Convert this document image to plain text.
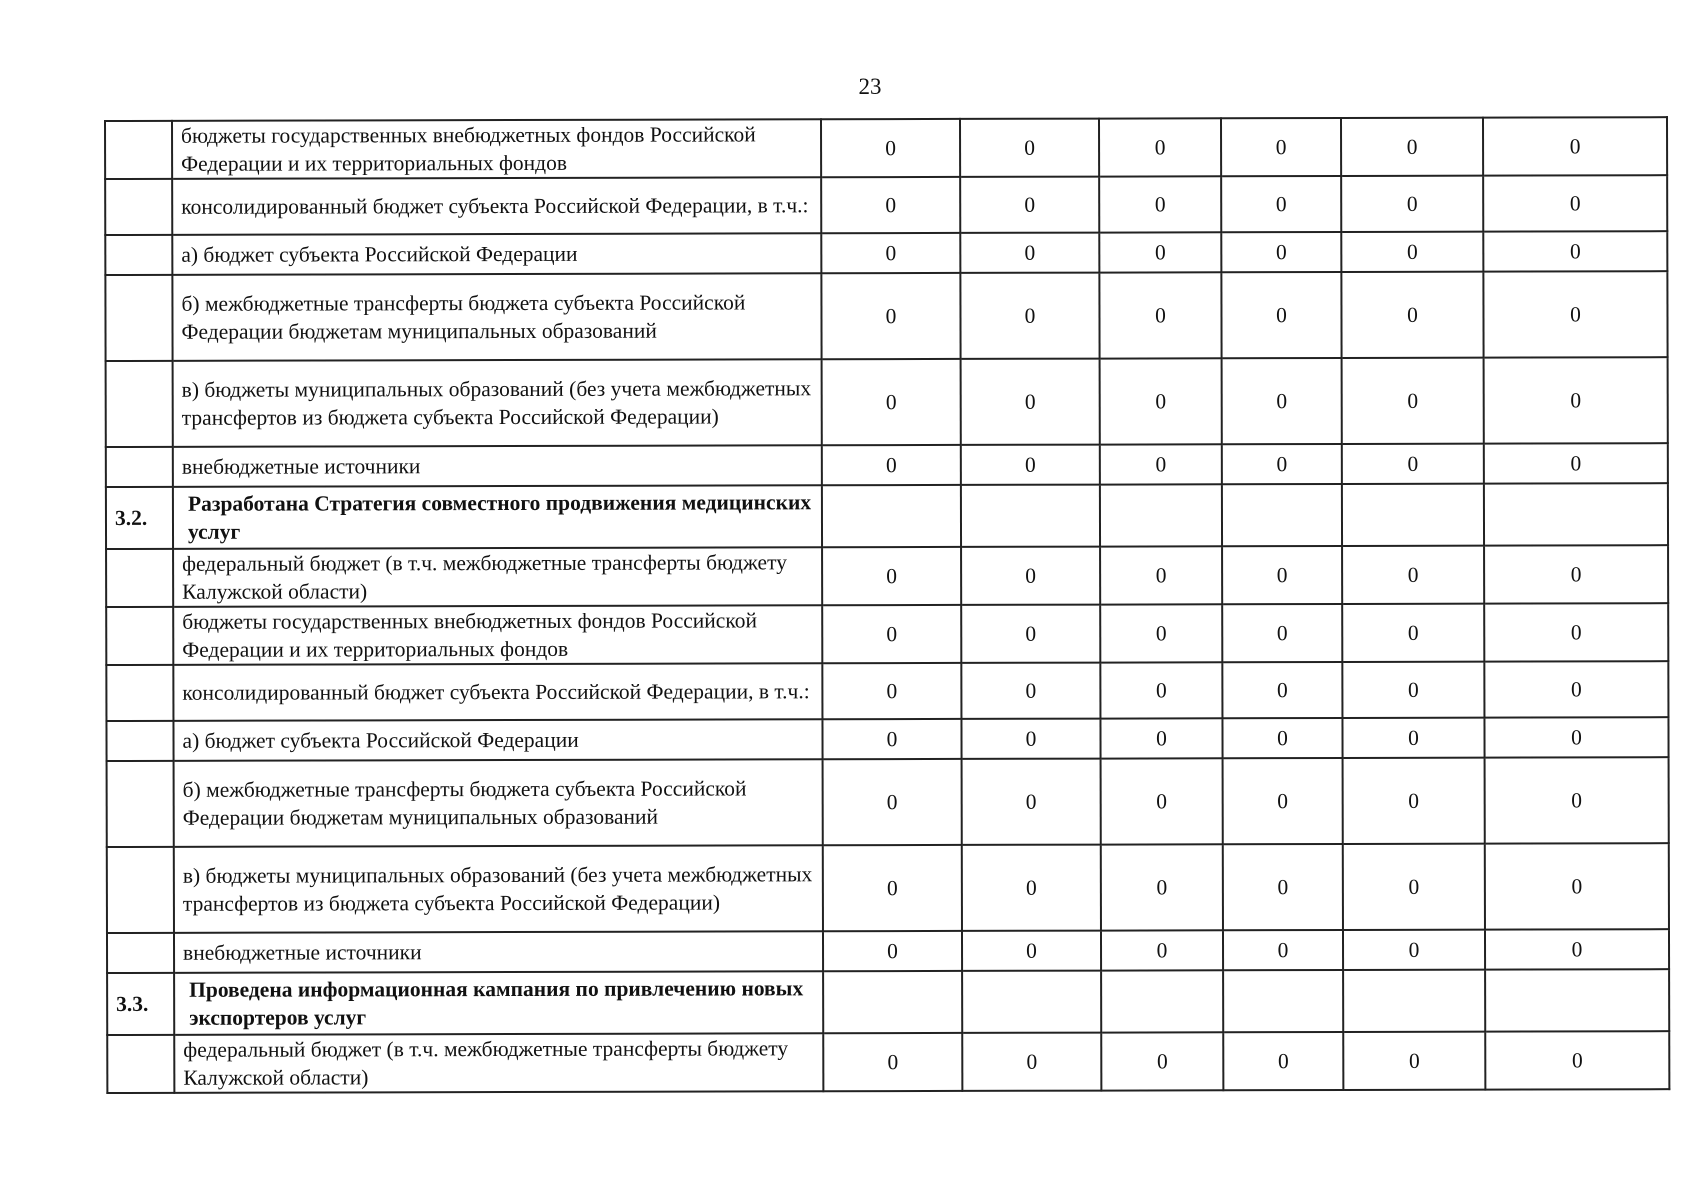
23
	бюджеты государственных внебюджетных фондов Российской Федерации и их территориальных фондов	0	0	0	0	0	0
	консолидированный бюджет субъекта Российской Федерации, в т.ч.:	0	0	0	0	0	0
	а) бюджет субъекта Российской Федерации	0	0	0	0	0	0
	б) межбюджетные трансферты бюджета субъекта Российской Федерации бюджетам муниципальных образований	0	0	0	0	0	0
	в) бюджеты муниципальных образований (без учета межбюджетных трансфертов из бюджета субъекта Российской Федерации)	0	0	0	0	0	0
	внебюджетные источники	0	0	0	0	0	0
3.2.	Разработана Стратегия совместного продвижения медицинских услуг						
	федеральный бюджет (в т.ч. межбюджетные трансферты бюджету Калужской области)	0	0	0	0	0	0
	бюджеты государственных внебюджетных фондов Российской Федерации и их территориальных фондов	0	0	0	0	0	0
	консолидированный бюджет субъекта Российской Федерации, в т.ч.:	0	0	0	0	0	0
	а) бюджет субъекта Российской Федерации	0	0	0	0	0	0
	б) межбюджетные трансферты бюджета субъекта Российской Федерации бюджетам муниципальных образований	0	0	0	0	0	0
	в) бюджеты муниципальных образований (без учета межбюджетных трансфертов из бюджета субъекта Российской Федерации)	0	0	0	0	0	0
	внебюджетные источники	0	0	0	0	0	0
3.3.	Проведена информационная кампания по привлечению новых экспортеров услуг						
	федеральный бюджет (в т.ч. межбюджетные трансферты бюджету Калужской области)	0	0	0	0	0	0
